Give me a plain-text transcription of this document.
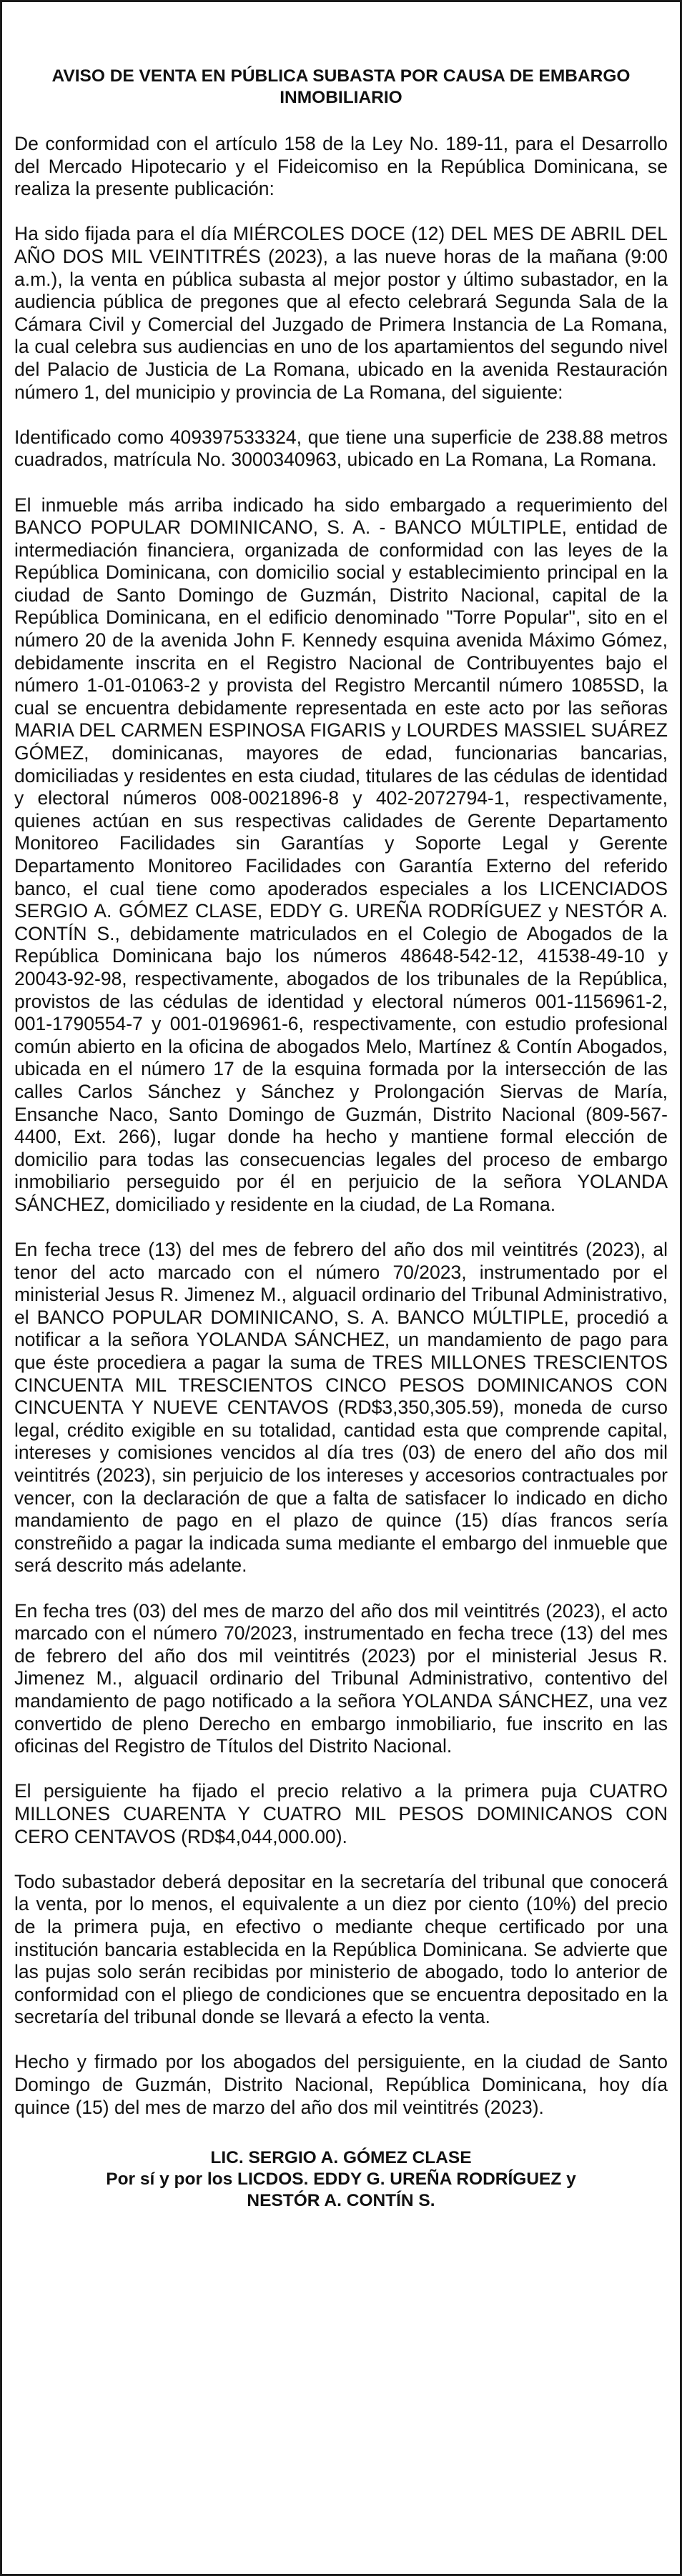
AVISO DE VENTA EN PÚBLICA SUBASTA POR CAUSA DE EMBARGO INMOBILIARIO

De conformidad con el artículo 158 de la Ley No. 189-11, para el Desarrollo del Mercado Hipotecario y el Fideicomiso en la República Dominicana, se realiza la presente publicación:

Ha sido fijada para el día MIÉRCOLES DOCE (12) DEL MES DE ABRIL DEL AÑO DOS MIL VEINTITRÉS (2023), a las nueve horas de la mañana (9:00 a.m.), la venta en pública subasta al mejor postor y último subastador, en la audiencia pública de pregones que al efecto celebrará Segunda Sala de la Cámara Civil y Comercial del Juzgado de Primera Instancia de La Romana, la cual celebra sus audiencias en uno de los apartamientos del segundo nivel del Palacio de Justicia de La Romana, ubicado en la avenida Restauración número 1, del municipio y provincia de La Romana, del siguiente:

Identificado como 409397533324, que tiene una superficie de 238.88 metros cuadrados, matrícula No. 3000340963, ubicado en La Romana, La Romana.

El inmueble más arriba indicado ha sido embargado a requerimiento del BANCO POPULAR DOMINICANO, S. A. - BANCO MÚLTIPLE, entidad de intermediación financiera, organizada de conformidad con las leyes de la República Dominicana, con domicilio social y establecimiento principal en la ciudad de Santo Domingo de Guzmán, Distrito Nacional, capital de la República Dominicana, en el edificio denominado "Torre Popular", sito en el número 20 de la avenida John F. Kennedy esquina avenida Máximo Gómez, debidamente inscrita en el Registro Nacional de Contribuyentes bajo el número 1-01-01063-2 y provista del Registro Mercantil número 1085SD, la cual se encuentra debidamente representada en este acto por las señoras MARIA DEL CARMEN ESPINOSA FIGARIS y LOURDES MASSIEL SUÁREZ GÓMEZ, dominicanas, mayores de edad, funcionarias bancarias, domiciliadas y residentes en esta ciudad, titulares de las cédulas de identidad y electoral números 008-0021896-8 y 402-2072794-1, respectivamente, quienes actúan en sus respectivas calidades de Gerente Departamento Monitoreo Facilidades sin Garantías y Soporte Legal y Gerente Departamento Monitoreo Facilidades con Garantía Externo del referido banco, el cual tiene como apoderados especiales a los LICENCIADOS SERGIO A. GÓMEZ CLASE, EDDY G. UREÑA RODRÍGUEZ y NESTÓR A. CONTÍN S., debidamente matriculados en el Colegio de Abogados de la República Dominicana bajo los números 48648-542-12, 41538-49-10 y 20043-92-98, respectivamente, abogados de los tribunales de la República, provistos de las cédulas de identidad y electoral números 001-1156961-2, 001-1790554-7 y 001-0196961-6, respectivamente, con estudio profesional común abierto en la oficina de abogados Melo, Martínez & Contín Abogados, ubicada en el número 17 de la esquina formada por la intersección de las calles Carlos Sánchez y Sánchez y Prolongación Siervas de María, Ensanche Naco, Santo Domingo de Guzmán, Distrito Nacional (809-567-4400, Ext. 266), lugar donde ha hecho y mantiene formal elección de domicilio para todas las consecuencias legales del proceso de embargo inmobiliario perseguido por él en perjuicio de la señora YOLANDA SÁNCHEZ, domiciliado y residente en la ciudad, de La Romana.

En fecha trece (13) del mes de febrero del año dos mil veintitrés (2023), al tenor del acto marcado con el número 70/2023, instrumentado por el ministerial Jesus R. Jimenez M., alguacil ordinario del Tribunal Administrativo, el BANCO POPULAR DOMINICANO, S. A. BANCO MÚLTIPLE, procedió a notificar a la señora YOLANDA SÁNCHEZ, un mandamiento de pago para que éste procediera a pagar la suma de TRES MILLONES TRESCIENTOS CINCUENTA MIL TRESCIENTOS CINCO PESOS DOMINICANOS CON CINCUENTA Y NUEVE CENTAVOS (RD$3,350,305.59), moneda de curso legal, crédito exigible en su totalidad, cantidad esta que comprende capital, intereses y comisiones vencidos al día tres (03) de enero del año dos mil veintitrés (2023), sin perjuicio de los intereses y accesorios contractuales por vencer, con la declaración de que a falta de satisfacer lo indicado en dicho mandamiento de pago en el plazo de quince (15) días francos sería constreñido a pagar la indicada suma mediante el embargo del inmueble que será descrito más adelante.

En fecha tres (03) del mes de marzo del año dos mil veintitrés (2023), el acto marcado con el número 70/2023, instrumentado en fecha trece (13) del mes de febrero del año dos mil veintitrés (2023) por el ministerial Jesus R. Jimenez M., alguacil ordinario del Tribunal Administrativo, contentivo del mandamiento de pago notificado a la señora YOLANDA SÁNCHEZ, una vez convertido de pleno Derecho en embargo inmobiliario, fue inscrito en las oficinas del Registro de Títulos del Distrito Nacional.

El persiguiente ha fijado el precio relativo a la primera puja CUATRO MILLONES CUARENTA Y CUATRO MIL PESOS DOMINICANOS CON CERO CENTAVOS (RD$4,044,000.00).

Todo subastador deberá depositar en la secretaría del tribunal que conocerá la venta, por lo menos, el equivalente a un diez por ciento (10%) del precio de la primera puja, en efectivo o mediante cheque certificado por una institución bancaria establecida en la República Dominicana. Se advierte que las pujas solo serán recibidas por ministerio de abogado, todo lo anterior de conformidad con el pliego de condiciones que se encuentra depositado en la secretaría del tribunal donde se llevará a efecto la venta.

Hecho y firmado por los abogados del persiguiente, en la ciudad de Santo Domingo de Guzmán, Distrito Nacional, República Dominicana, hoy día quince (15) del mes de marzo del año dos mil veintitrés (2023).

LIC. SERGIO A. GÓMEZ CLASE
Por sí y por los LICDOS. EDDY G. UREÑA RODRÍGUEZ y
NESTÓR A. CONTÍN S.
